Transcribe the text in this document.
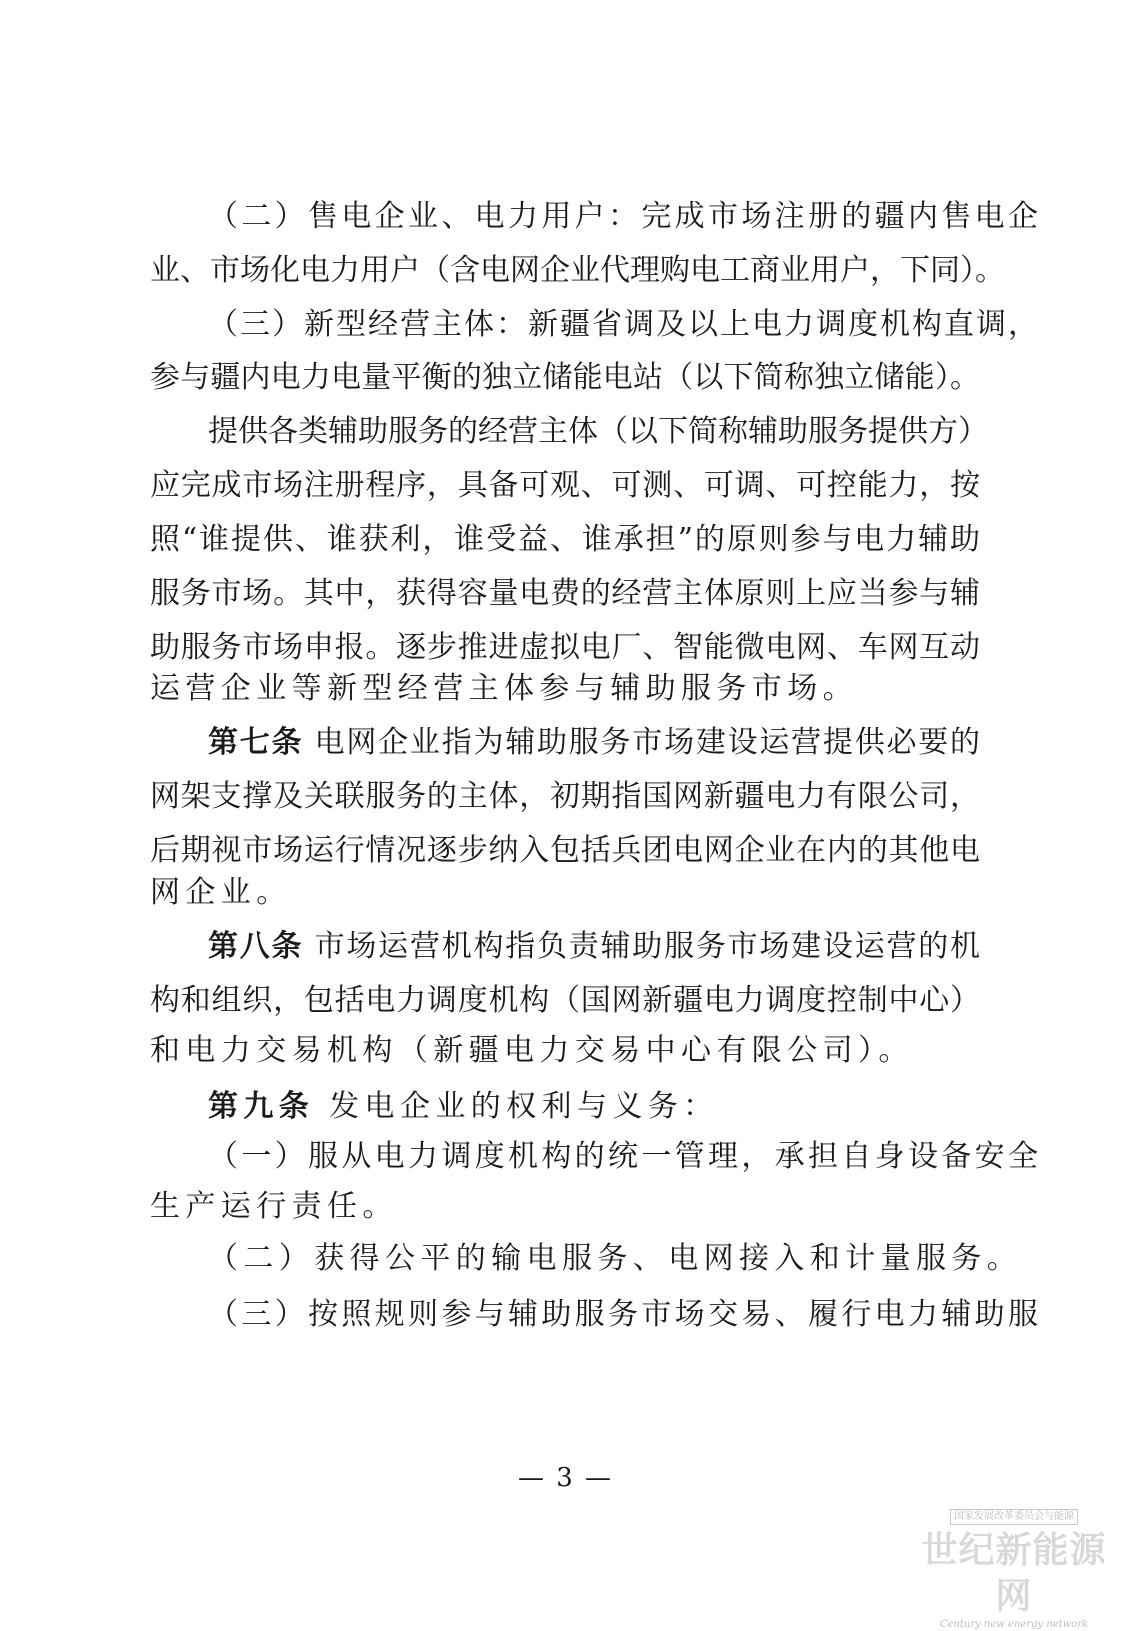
（二）售电企业、电力用户：完成市场注册的疆内售电企
业、市场化电力用户（含电网企业代理购电工商业用户，下同）。
（三）新型经营主体：新疆省调及以上电力调度机构直调，
参与疆内电力电量平衡的独立储能电站（以下简称独立储能）。
提供各类辅助服务的经营主体（以下简称辅助服务提供方）
应完成市场注册程序，具备可观、可测、可调、可控能力，按
照“谁提供、谁获利，谁受益、谁承担”的原则参与电力辅助
服务市场。其中，获得容量电费的经营主体原则上应当参与辅
助服务市场申报。逐步推进虚拟电厂、智能微电网、车网互动
运营企业等新型经营主体参与辅助服务市场。
第七条 电网企业指为辅助服务市场建设运营提供必要的
网架支撑及关联服务的主体，初期指国网新疆电力有限公司，
后期视市场运行情况逐步纳入包括兵团电网企业在内的其他电
网企业。
第八条 市场运营机构指负责辅助服务市场建设运营的机
构和组织，包括电力调度机构（国网新疆电力调度控制中心）
和电力交易机构（新疆电力交易中心有限公司）。
第九条 发电企业的权利与义务：
（一）服从电力调度机构的统一管理，承担自身设备安全
生产运行责任。
（二）获得公平的输电服务、电网接入和计量服务。
（三）按照规则参与辅助服务市场交易、履行电力辅助服
— 3 —
国家发展改革委员会与能源
世纪新能源网
Century new energy network
